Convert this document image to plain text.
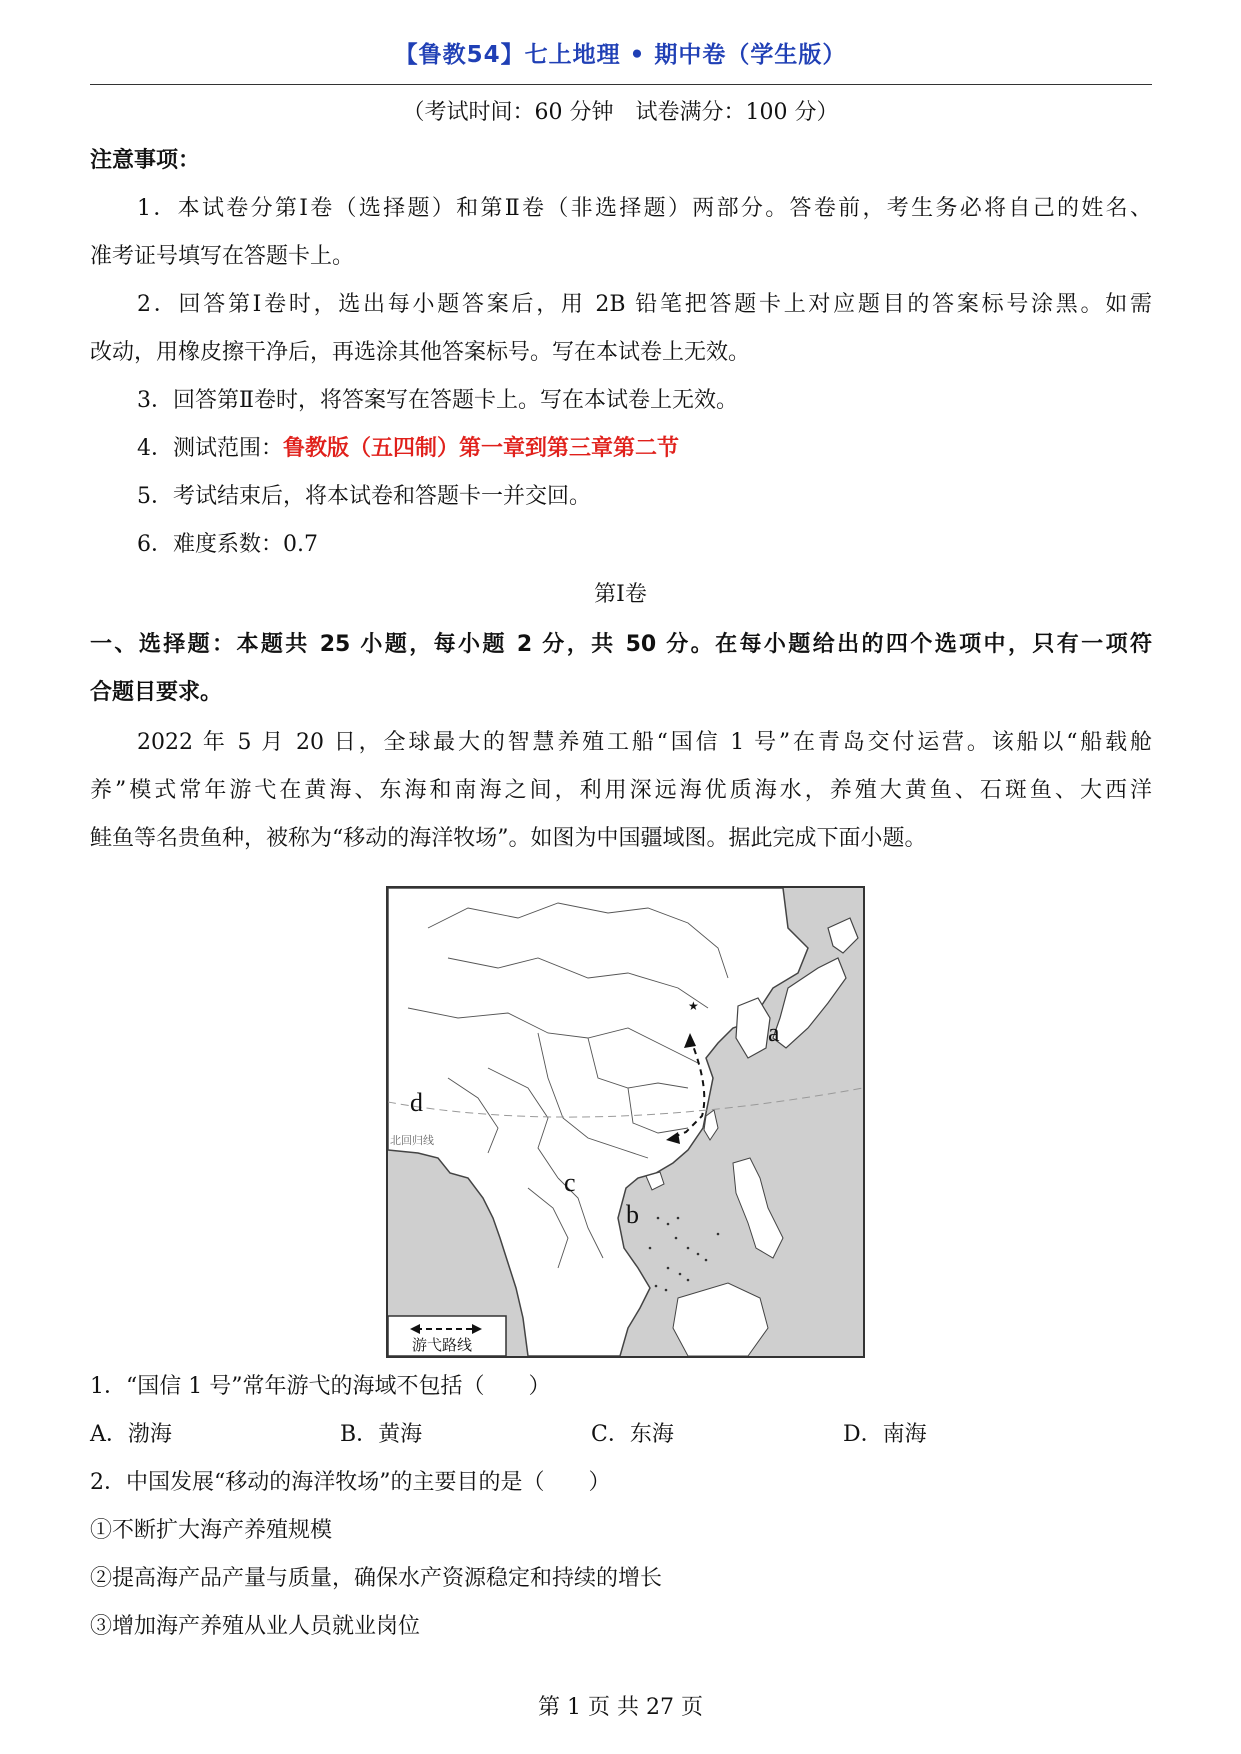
【鲁教54】七上地理 • 期中卷（学生版）
（考试时间：60 分钟　试卷满分：100 分）
注意事项：
1．本试卷分第Ⅰ卷（选择题）和第Ⅱ卷（非选择题）两部分。答卷前，考生务必将自己的姓名、
准考证号填写在答题卡上。
2．回答第Ⅰ卷时，选出每小题答案后，用 2B 铅笔把答题卡上对应题目的答案标号涂黑。如需
改动，用橡皮擦干净后，再选涂其他答案标号。写在本试卷上无效。
3．回答第Ⅱ卷时，将答案写在答题卡上。写在本试卷上无效。
4．测试范围：鲁教版（五四制）第一章到第三章第二节
5．考试结束后，将本试卷和答题卡一并交回。
6．难度系数：0.7
第Ⅰ卷
一、选择题：本题共 25 小题，每小题 2 分，共 50 分。在每小题给出的四个选项中，只有一项符
合题目要求。
2022 年 5 月 20 日，全球最大的智慧养殖工船“国信 1 号”在青岛交付运营。该船以“船载舱
养”模式常年游弋在黄海、东海和南海之间，利用深远海优质海水，养殖大黄鱼、石斑鱼、大西洋
鲑鱼等名贵鱼种，被称为“移动的海洋牧场”。如图为中国疆域图。据此完成下面小题。
★
a
b
c
d
北回归线
游弋路线
1．“国信 1 号”常年游弋的海域不包括（　　）
A．渤海	B．黄海	C．东海	D．南海
2．中国发展“移动的海洋牧场”的主要目的是（　　）
①不断扩大海产养殖规模
②提高海产品产量与质量，确保水产资源稳定和持续的增长
③增加海产养殖从业人员就业岗位
第 1 页 共 27 页
